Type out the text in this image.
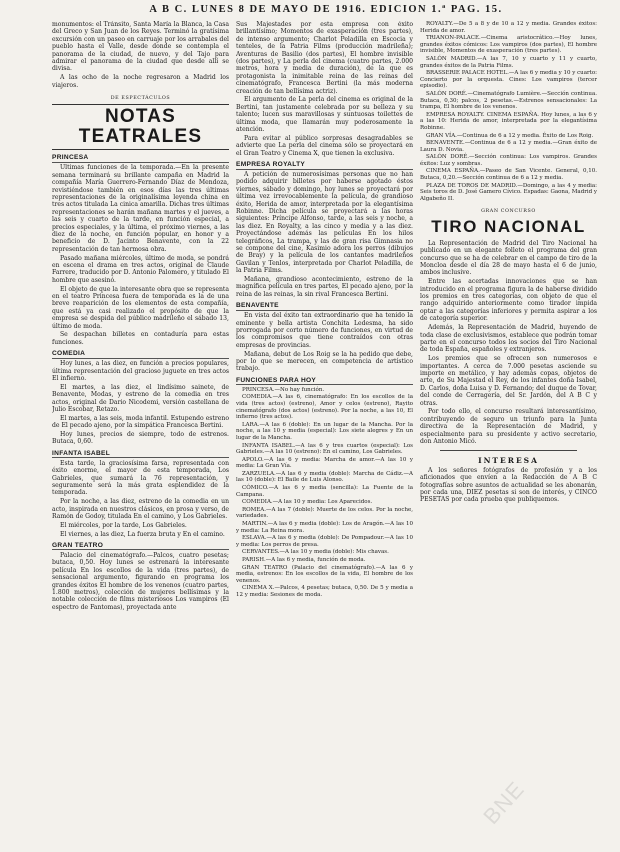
A B C. LUNES 8 DE MAYO DE 1916. EDICION 1.ª PAG. 15.

monumentos: el Tránsito, Santa María la Blanca, la Casa del Greco y San Juan de los Reyes. Terminó la gratísima excursión con un paseo en carruaje por los arrabales del pueblo hasta el Valle, desde donde se contempla el panorama de la ciudad, de nuevo, y del Tajo para admirar el panorama de la ciudad que desde allí se divisa.

A las ocho de la noche regresaron a Madrid los viajeros.

DE ESPECTÁCULOS
NOTAS TEATRALES
PRINCESA

Ultimas funciones de la temporada.—En la presente semana terminará su brillante campaña en Madrid la compañía María Guerrero-Fernando Díaz de Mendoza, revistiéndose también en esos días las tres últimas representaciones de la originalísima leyenda china en tres actos titulada La cinica amarilla. Dichas tres últimas representaciones se harán mañana martes y el jueves, a las seis y cuarto de la tarde, en función especial, a precios especiales, y la última, el próximo viernes, a las diez de la noche, en función popular, en honor y a beneficio de D. Jacinto Benavente, con la 22 representación de tan hermosa obra.

Pasado mañana miércoles, último de moda, se pondrá en escena el drama en tres actos, original de Claude Farrere, traducido por D. Antonio Palomero, y titulado El hombre que asesinó.

El objeto de que la interesante obra que se representa en el teatro Princesa fuera de temporada es la de una breve reaparición de los elementos de esta compañía, que está ya casi realizado el propósito de que la empresa se despida del público madrileño el sábado 13, último de moda.

Se despachan billetes en contaduría para estas funciones.

COMEDIA

Hoy lunes, a las diez, en función a precios populares, última representación del gracioso juguete en tres actos El infierno.

El martes, a las diez, el lindísimo sainete, de Benavente, Modas, y estreno de la comedia en tres actos, original de Dario Nicodemi, versión castellana de Julio Escobar, Retazo.

El martes, a las seis, moda infantil. Estupendo estreno de El pecado ajeno, por la simpática Francesca Bertini.

Hoy lunes, precios de siempre, todo de estrenos. Butaca, 0,60.

INFANTA ISABEL

Esta tarde, la graciosísima farsa, representada con éxito enorme, el mayor de esta temporada, Los Gabrieles, que sumará la 76 representación, y seguramente será la más grata esplendidez de la temporada.

Por la noche, a las diez, estreno de la comedia en un acto, inspirada en nuestros clásicos, en prosa y verso, de Ramón de Godoy, titulada En el camino, y Los Gabrieles.

El miércoles, por la tarde, Los Gabrieles.

El viernes, a las diez, La fuerza bruta y En el camino.

GRAN TEATRO

Palacio del cinematógrafo.—Palcos, cuatro pesetas; butaca, 0,50. Hoy lunes se estrenará la interesante película En los escollos de la vida (tres partes), de sensacional argumento, figurando en programa los grandes éxitos El hombre de los venenos (cuatro partes, 1.800 metros), colección de mujeres bellísimas y la notable colección de films misteriosos Los vampiros (El espectro de Fantomas), proyectada ante

Sus Majestades por esta empresa con éxito brillantísimo; Momentos de exasperación (tres partes), de intenso argumento; Charlot Peladilla en Escocia y tenteles, de la Patria Films (producción madrileña); Aventuras de Basilio (dos partes), El hombre invisible (dos partes), y La perla del cinema (cuatro partes, 2.000 metros, hora y media de duración), de la que es protagonista la inimitable reina de las reinas del cinematógrafo, Francesca Bertini (la más moderna creación de tan bellísima actriz).

El argumento de La perla del cinema es original de la Bertini, tan justamente celebrada por su belleza y su talento; lucen sus maravillosas y suntuosas toilettes de última moda, que llamarán muy poderosamente la atención.

Para evitar al público sorpresas desagradables se advierte que La perla del cinema sólo se proyectará en el Gran Teatro y Cinema X, que tienen la exclusiva.

EMPRESA ROYALTY

A petición de numerosísimas personas que no han podido adquirir billetes por haberse agotado éstos viernes, sábado y domingo, hoy lunes se proyectará por última vez irrevocablemente la película, de grandioso éxito, Herida de amor, interpretada por la elegantísima Robinne. Dicha película se proyectará a las horas siguientes: Príncipe Alfonso, tarde, a las seis y noche, a las diez. En Royalty, a las cinco y media y a las diez. Proyectándose además las películas En los hilos telegráficos, La trampa, y las de gran risa Gimnasia no se compone del cine, Kasimio adora los perros (dibujos de Bray) y la película de los cantantes madrileños Gavilan y Tenlos, interpretada por Charlot Peladilla, de la Patria Films.

Mañana, grandioso acontecimiento, estreno de la magnífica película en tres partes, El pecado ajeno, por la reina de las reinas, la sin rival Francesca Bertini.

BENAVENTE

En vista del éxito tan extraordinario que ha tenido la eminente y bella artista Conchita Ledesma, ha sido prorrogada por corto número de funciones, en virtud de los compromisos que tiene contraídos con otras empresas de provincias.

Mañana, debut de Los Roig se la ha pedido que debe, por lo que se merecen, en competencia de artístico trabajo.

FUNCIONES PARA HOY

PRINCESA.—No hay función.

COMEDIA.—A las 6, cinematógrafo: En los escollos de la vida (tres actos) (estreno), Amor y celos (estreno), Rayito cinematógrafo (dos actos) (estreno). Por la noche, a las 10, El infierno (tres actos).

LARA.—A las 6 (doble): En un lugar de la Mancha. Por la noche, a las 10 y media (especial): Los siete alegres y En un lugar de la Mancha.

INFANTA ISABEL.—A las 6 y tres cuartos (especial): Los Gabrieles.—A las 10 (estreno): En el camino, Los Gabrieles.

APOLO.—A las 6 y media: Marcha de amor.—A las 10 y media: La Gran Vía.

ZARZUELA.—A las 6 y media (doble): Marcha de Cádiz.—A las 10 (doble): El Baile de Luis Alonso.

CÓMICO.—A las 6 y media (sencilla): La Fuente de la Campana.

COMEDIA.—A las 10 y media: Los Aparecidos.

ROMEA.—A las 7 (doble): Muerte de los celos. Por la noche, variedades.

MARTIN.—A las 6 y media (doble): Los de Aragón.—A las 10 y media: La Reina mora.

ESLAVA.—A las 6 y media (doble): De Pompadour.—A las 10 y media: Los perros de presa.

CERVANTES.—A las 10 y media (doble): Mis chavas.

PARISH.—A las 6 y media, función de moda.

GRAN TEATRO (Palacio del cinematógrafo).—A las 6 y media, estrenos: En los escollos de la vida, El hombre de los venenos.

CINEMA X.—Palcos, 4 pesetas; butaca, 0,50. De 5 y media a 12 y media: Sesiones de moda.

ROYALTY.—De 5 a 8 y de 10 a 12 y media. Grandes éxitos: Herida de amor.

TRIANON-PALACE.—Cinema aristocrático.—Hoy lunes, grandes éxitos cómicos: Los vampiros (dos partes), El hombre invisible, Momentos de exasperación (tres partes).

SALÓN MADRID.—A las 7, 10 y cuarto y 11 y cuarto, grandes éxitos de la Patria Films.

BRASSERIE PALACE HOTEL.—A las 6 y media y 10 y cuarto: Concierto por la orquesta. Cines: Los vampiros (tercer episodio).

SALÓN DORÉ.—Cinematógrafo Lumière.—Sección continua. Butaca, 0,30; palcos, 2 pesetas.—Estrenos sensacionales: La trampa, El hombre de los venenos.

EMPRESA ROYALTY. CINEMA ESPAÑA. Hoy lunes, a las 6 y a las 10: Herida de amor, interpretada por la elegantísima Robinne.

GRAN VÍA.—Continua de 6 a 12 y media. Éxito de Los Roig.

BENAVENTE.—Continua de 6 a 12 y media.—Gran éxito de Laura D. Novia.

SALÓN DORÉ.—Sección continua: Los vampiros. Grandes éxitos: Luz y sombras.

CINEMA ESPAÑA.—Paseo de San Vicente. General, 0,10. Butaca, 0,20.—Sección continua de 6 a 12 y media.

PLAZA DE TOROS DE MADRID.—Domingo, a las 4 y media: Seis toros de D. José Gamero Cívico. Espadas: Gaona, Madrid y Algabeño II.

GRAN CONCURSO
TIRO NACIONAL

La Representación de Madrid del Tiro Nacional ha publicado en un elegante folleto el programa del gran concurso que se ha de celebrar en el campo de tiro de la Moncloa desde el día 28 de mayo hasta el 6 de junio, ambos inclusive.

Entre las acertadas innovaciones que se han introducido en el programa figura la de haberse dividido los premios en tres categorías, con objeto de que el rango adquirido anteriormente como tirador impida optar a las categorías inferiores y permita aspirar a los de categoría superior.

Además, la Representación de Madrid, huyendo de toda clase de exclusivismos, establece que podrán tomar parte en el concurso todos los socios del Tiro Nacional de toda España, españoles y extranjeros.

Los premios que se ofrecen son numerosos e importantes. A cerca de 7.000 pesetas asciende su importe en metálico, y hay además copas, objetos de arte, de Su Majestad el Rey, de los infantes doña Isabel, D. Carlos, doña Luisa y D. Fernando; del duque de Tovar, del conde de Cerragería, del Sr. Jardón, del A B C y otras.

Por todo ello, el concurso resultará interesantísimo, contribuyendo de seguro un triunfo para la Junta directiva de la Representación de Madrid, y especialmente para su presidente y activo secretario, don Antonio Micó.

INTERESA

A los señores fotógrafos de profesión y a los aficionados que envíen a la Redacción de A B C fotografías sobre asuntos de actualidad se les abonarán, por cada una, DIEZ pesetas si son de interés, y CINCO PESETAS por cada prueba que publiquemos.

BNE
